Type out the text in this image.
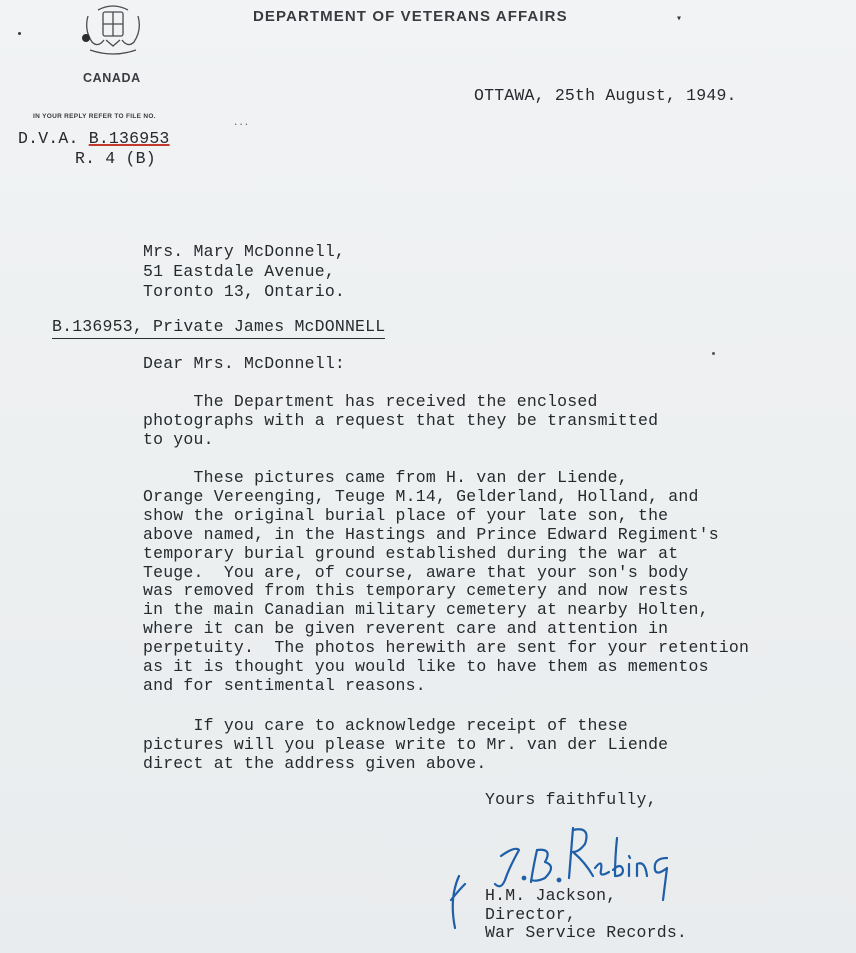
DEPARTMENT OF VETERANS AFFAIRS	▾
CANADA
IN YOUR REPLY REFER TO FILE NO.
...
D.V.A. B.136953
R. 4 (B)
OTTAWA, 25th August, 1949.
Mrs. Mary McDonnell,
51 Eastdale Avenue,
Toronto 13, Ontario.
B.136953, Private James McDONNELL
Dear Mrs. McDonnell:
The Department has received the enclosed
photographs with a request that they be transmitted
to you.
These pictures came from H. van der Liende,
Orange Vereenging, Teuge M.14, Gelderland, Holland, and
show the original burial place of your late son, the
above named, in the Hastings and Prince Edward Regiment's
temporary burial ground established during the war at
Teuge.  You are, of course, aware that your son's body
was removed from this temporary cemetery and now rests
in the main Canadian military cemetery at nearby Holten,
where it can be given reverent care and attention in
perpetuity.  The photos herewith are sent for your retention
as it is thought you would like to have them as mementos
and for sentimental reasons.
If you care to acknowledge receipt of these
pictures will you please write to Mr. van der Liende
direct at the address given above.
Yours faithfully,
H.M. Jackson,
Director,
War Service Records.
